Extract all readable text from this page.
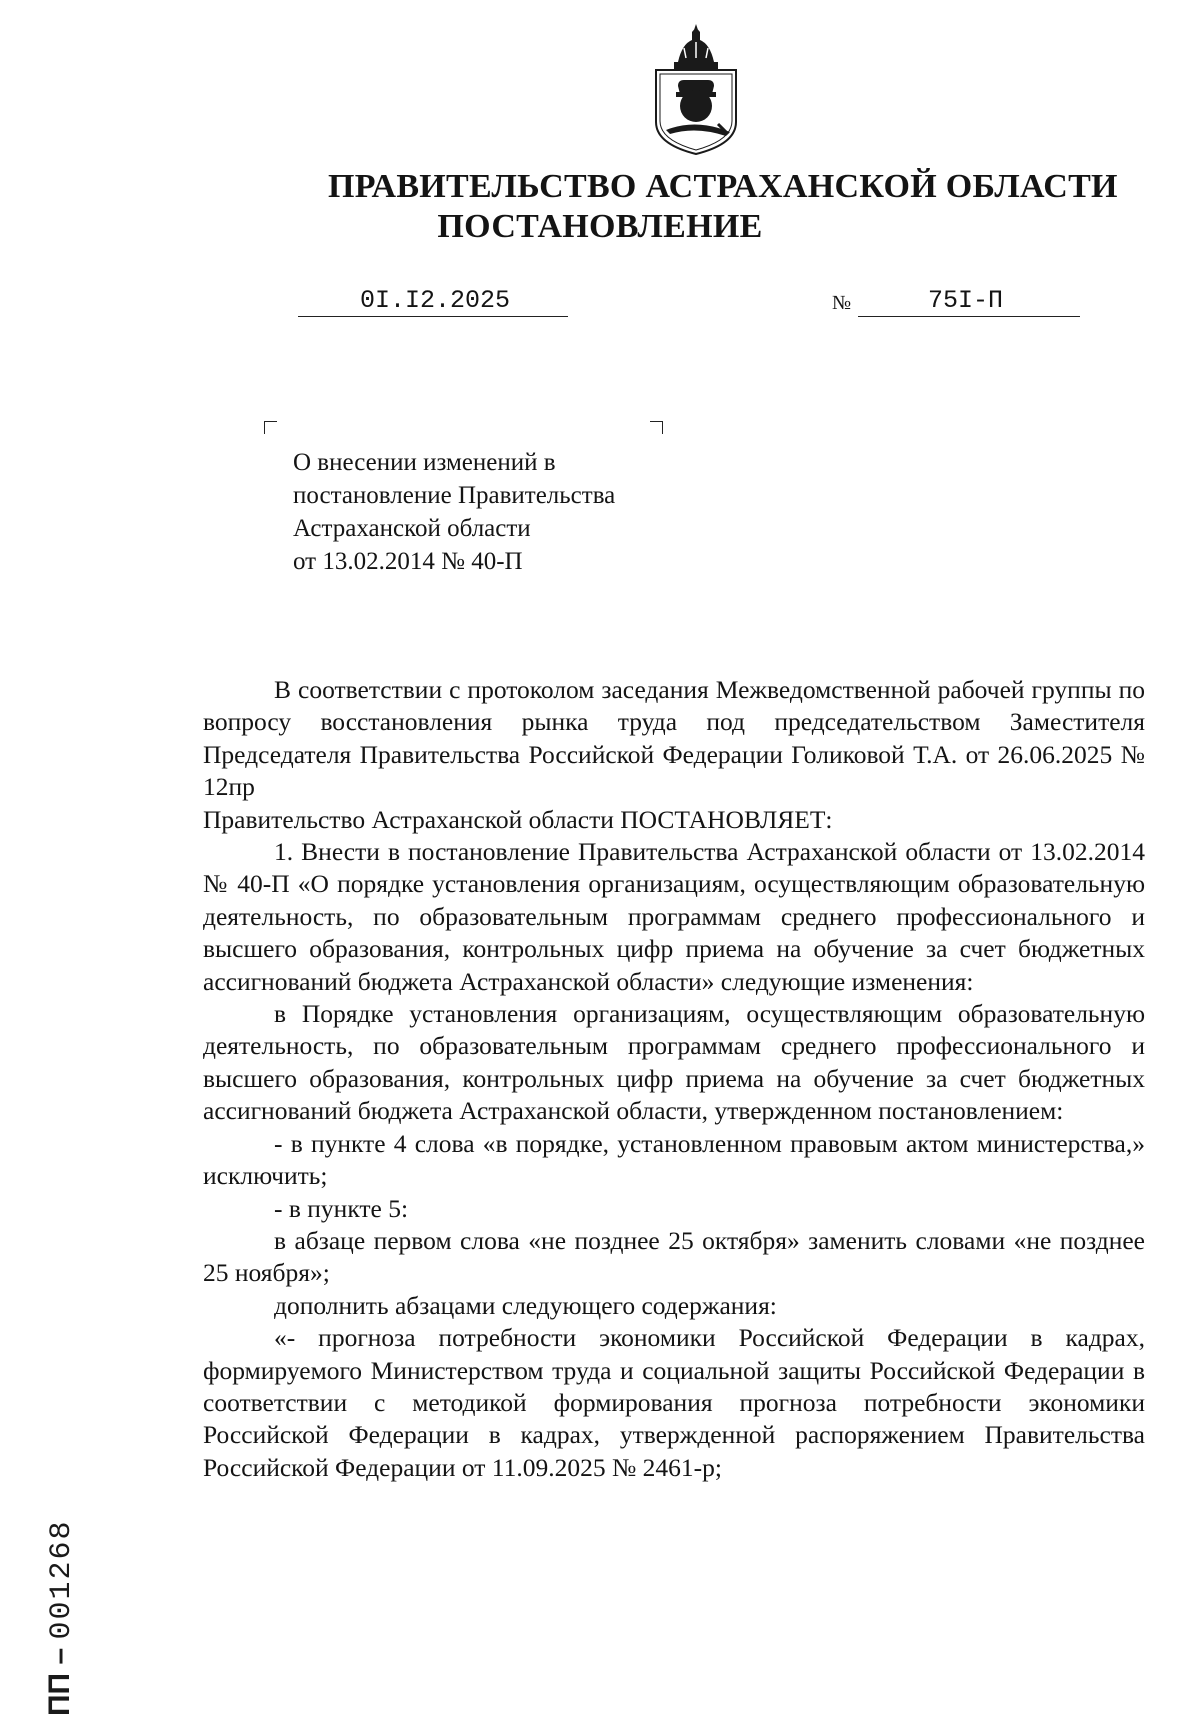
ПРАВИТЕЛЬСТВО АСТРАХАНСКОЙ ОБЛАСТИ
ПОСТАНОВЛЕНИЕ
0I.I2.2025	№	75I-П
О внесении изменений в
постановление Правительства
Астраханской области
от 13.02.2014 № 40-П

В соответствии с протоколом заседания Межведомственной рабочей группы по вопросу восстановления рынка труда под председательством Заместителя Председателя Правительства Российской Федерации Голиковой Т.А. от 26.06.2025 № 12пр

Правительство Астраханской области ПОСТАНОВЛЯЕТ:

1. Внести в постановление Правительства Астраханской области от 13.02.2014 № 40-П «О порядке установления организациям, осуществляющим образовательную деятельность, по образовательным программам среднего профессионального и высшего образования, контрольных цифр приема на обучение за счет бюджетных ассигнований бюджета Астраханской области» следующие изменения:

в Порядке установления организациям, осуществляющим образовательную деятельность, по образовательным программам среднего профессионального и высшего образования, контрольных цифр приема на обучение за счет бюджетных ассигнований бюджета Астраханской области, утвержденном постановлением:

- в пункте 4 слова «в порядке, установленном правовым актом министерства,» исключить;

- в пункте 5:

в абзаце первом слова «не позднее 25 октября» заменить словами «не позднее 25 ноября»;

дополнить абзацами следующего содержания:

«- прогноза потребности экономики Российской Федерации в кадрах, формируемого Министерством труда и социальной защиты Российской Федерации в соответствии с методикой формирования прогноза потребности экономики Российской Федерации в кадрах, утвержденной распоряжением Правительства Российской Федерации от 11.09.2025 № 2461-р;

ПП – 001268
